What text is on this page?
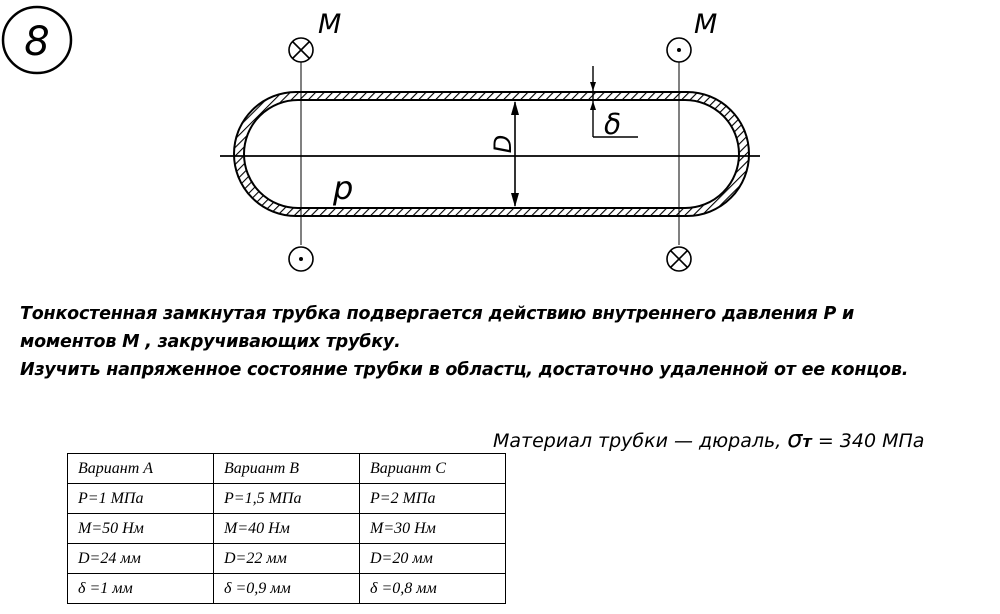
8	M	M
D
δ
p
Тонкостенная замкнутая трубка подвергается действию внутреннего давления P и
моментов M , закручивающих трубку.
Изучить напряженное состояние трубки в областц, достаточно удаленной от ее концов.
Материал трубки — дюраль, σт = 340 МПа
Вариант А	Вариант В	Вариант С
P=1 МПа	P=1,5 МПа	P=2 МПа
M=50 Нм	M=40 Нм	M=30 Нм
D=24 мм	D=22 мм	D=20 мм
δ =1 мм	δ =0,9 мм	δ =0,8 мм
